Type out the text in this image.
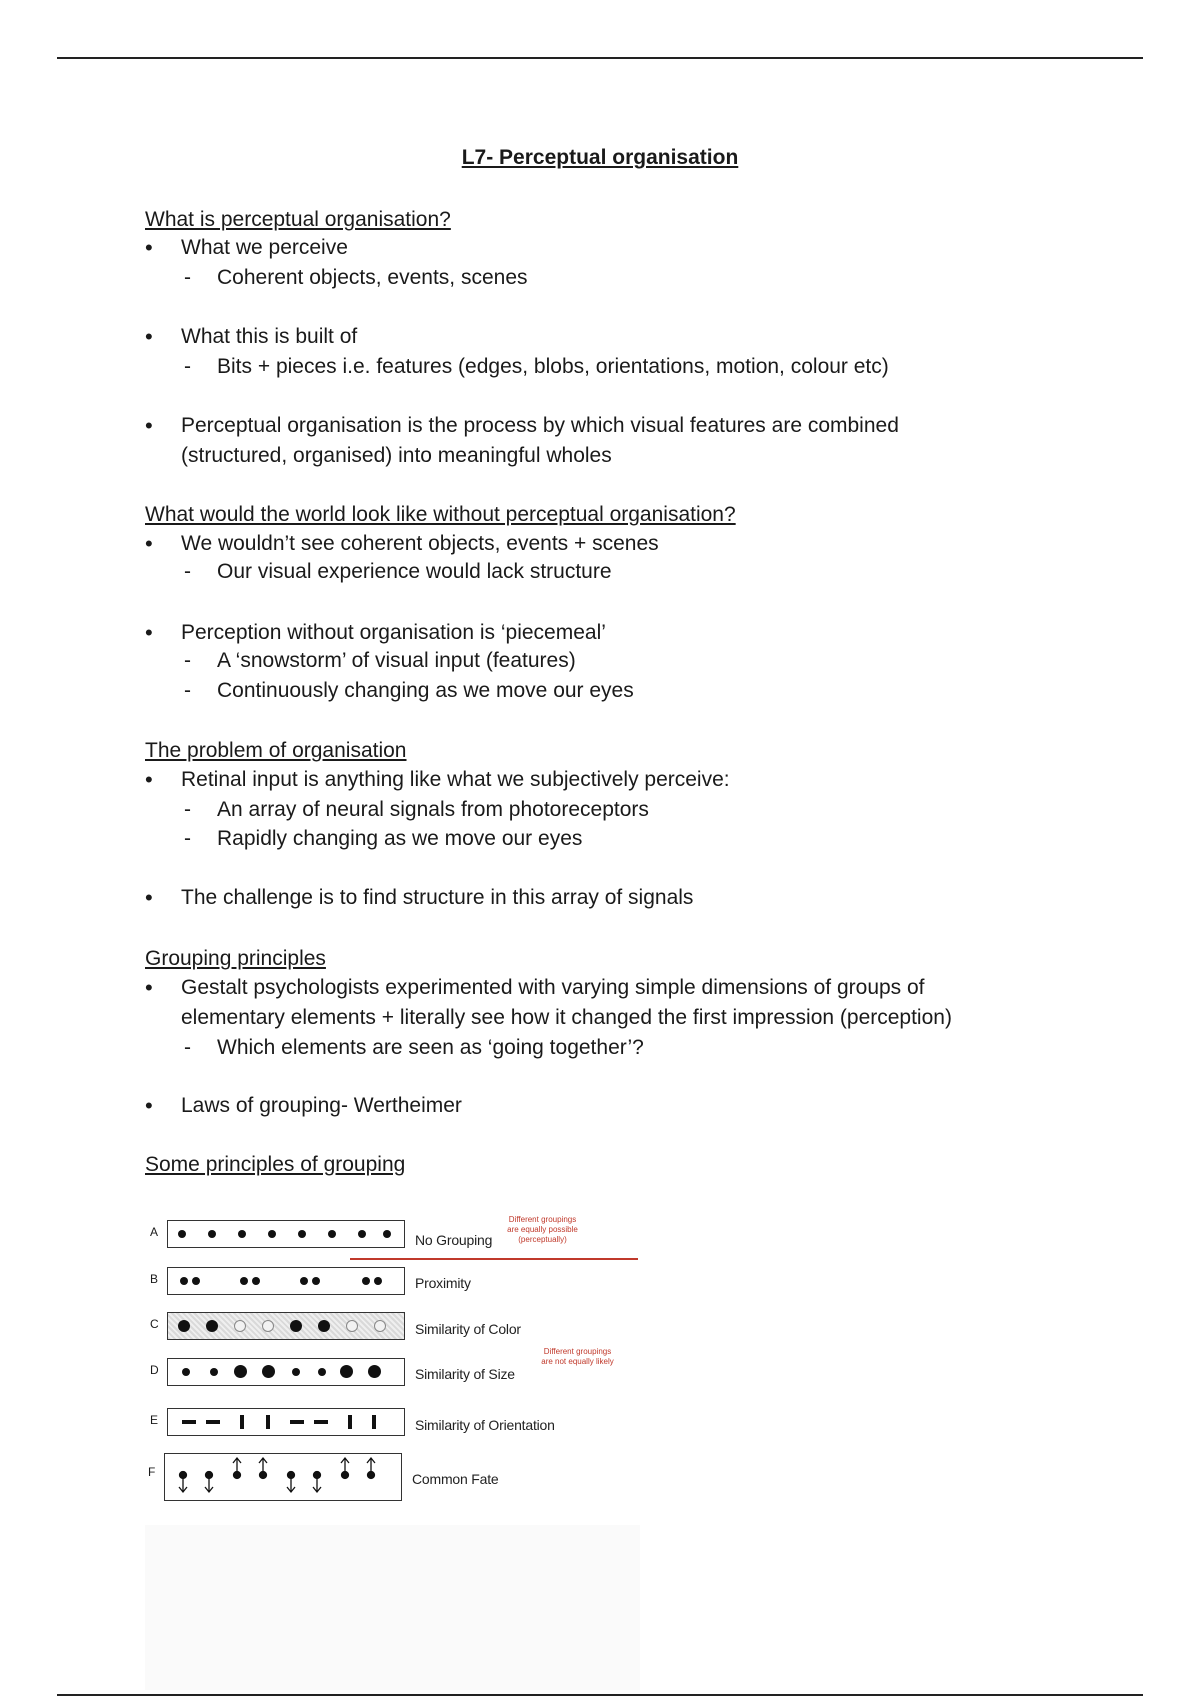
L7- Perceptual organisation
What is perceptual organisation?
• What we perceive
- Coherent objects, events, scenes
• What this is built of
- Bits + pieces i.e. features (edges, blobs, orientations, motion, colour etc)
• Perceptual organisation is the process by which visual features are combined
(structured, organised) into meaningful wholes
What would the world look like without perceptual organisation?
• We wouldn’t see coherent objects, events + scenes
- Our visual experience would lack structure
• Perception without organisation is ‘piecemeal’
- A ‘snowstorm’ of visual input (features)
- Continuously changing as we move our eyes
The problem of organisation
• Retinal input is anything like what we subjectively perceive:
- An array of neural signals from photoreceptors
- Rapidly changing as we move our eyes
• The challenge is to find structure in this array of signals
Grouping principles
• Gestalt psychologists experimented with varying simple dimensions of groups of
elementary elements + literally see how it changed the first impression (perception)
- Which elements are seen as ‘going together’?
• Laws of grouping- Wertheimer
Some principles of grouping
A	No Grouping
Different groupings
are equally possible
(perceptually)
B	Proximity
C	Similarity of Color
D	Similarity of Size
Different groupings
are not equally likely
E	Similarity of Orientation
F	Common Fate
